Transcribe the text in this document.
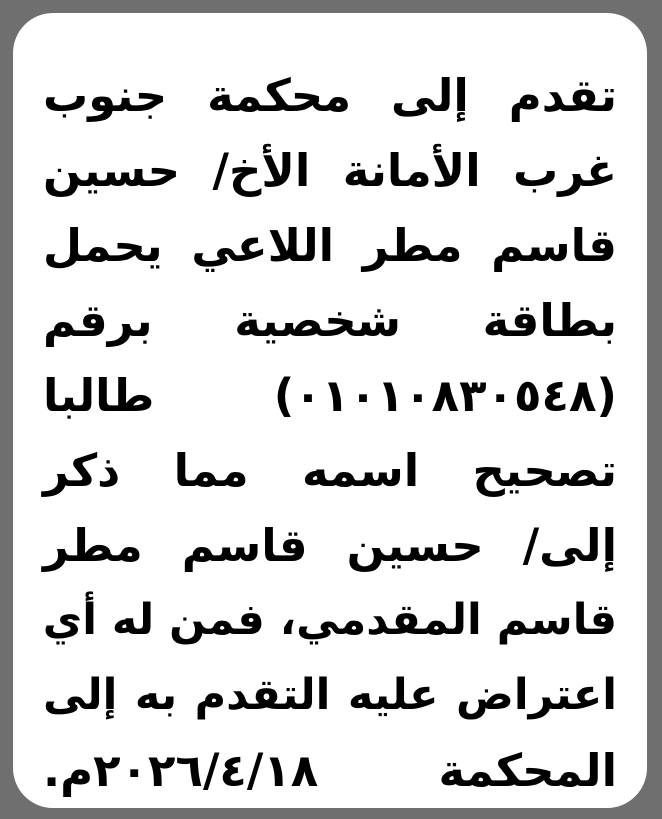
تقدم إلى محكمة جنوب
غرب الأمانة الأخ/ حسين
قاسم مطر اللاعي يحمل
بطاقة شخصية برقم
(٠١٠١٠٨٣٠٥٤٨) طالبا
تصحيح اسمه مما ذكر
إلى/ حسين قاسم مطر
قاسم المقدمي، فمن له أي
اعتراض عليه التقدم به إلى
المحكمة ٢٠٢٦/٤/١٨م.
